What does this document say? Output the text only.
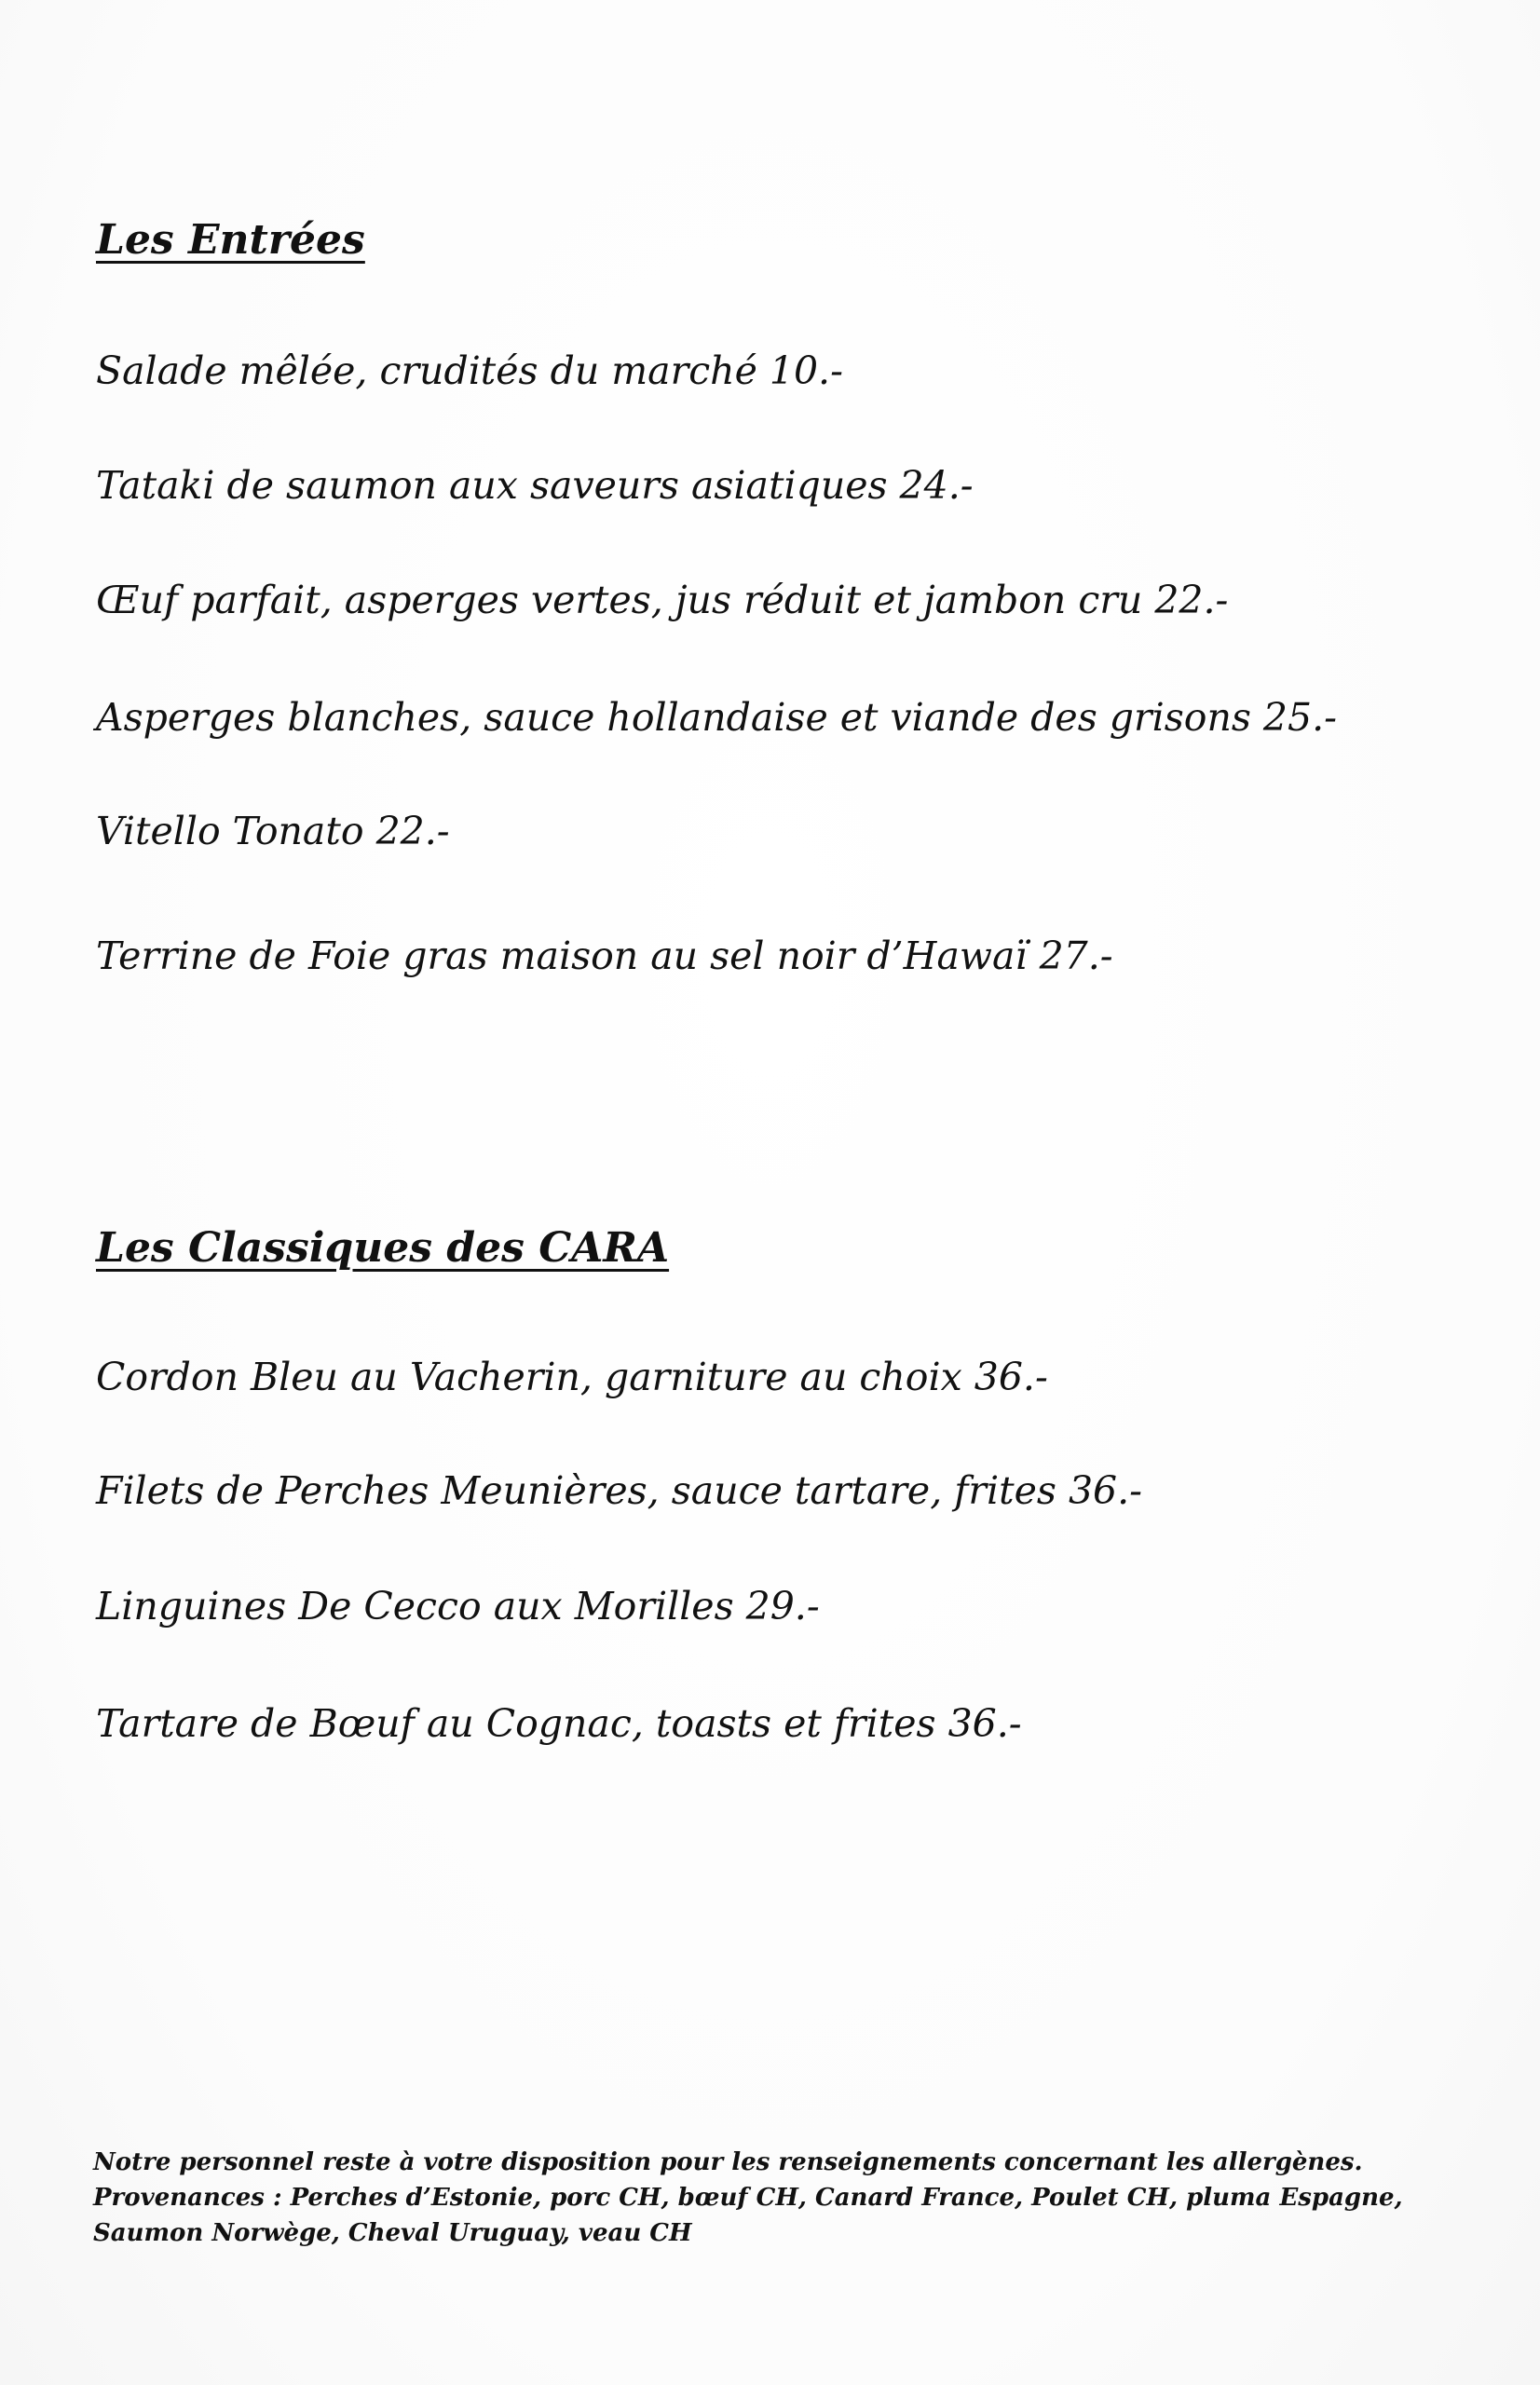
Les Entrées
Salade mêlée, crudités du marché 10.-
Tataki de saumon aux saveurs asiatiques 24.-
Œuf parfait, asperges vertes, jus réduit et jambon cru 22.-
Asperges blanches, sauce hollandaise et viande des grisons 25.-
Vitello Tonato 22.-
Terrine de Foie gras maison au sel noir d’Hawaï 27.-
Les Classiques des CARA
Cordon Bleu au Vacherin, garniture au choix 36.-
Filets de Perches Meunières, sauce tartare, frites 36.-
Linguines De Cecco aux Morilles 29.-
Tartare de Bœuf au Cognac, toasts et frites 36.-

Notre personnel reste à votre disposition pour les renseignements concernant les allergènes.

Provenances : Perches d’Estonie, porc CH, bœuf CH, Canard France, Poulet CH, pluma Espagne, Saumon Norwège, Cheval Uruguay, veau CH
